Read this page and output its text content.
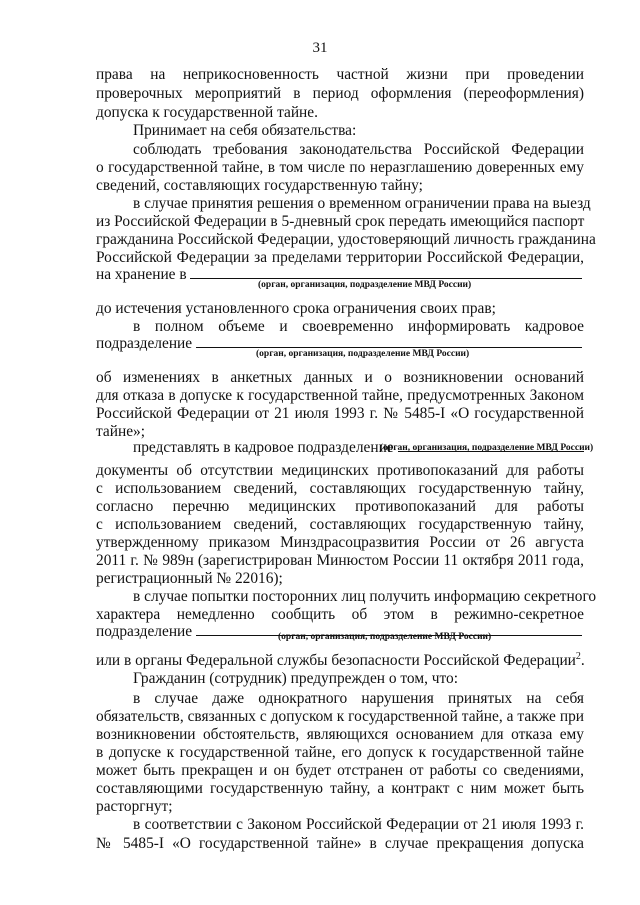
31
права на неприкосновенность частной жизни при проведении
проверочных мероприятий в период оформления (переоформления)
допуска к государственной тайне.
Принимает на себя обязательства:
соблюдать требования законодательства Российской Федерации
о государственной тайне, в том числе по неразглашению доверенных ему
сведений, составляющих государственную тайну;
в случае принятия решения о временном ограничении права на выезд
из Российской Федерации в 5-дневный срок передать имеющийся паспорт
гражданина Российской Федерации, удостоверяющий личность гражданина
Российской Федерации за пределами территории Российской Федерации,
на хранение в
(орган, организация, подразделение МВД России)
до истечения установленного срока ограничения своих прав;
в полном объеме и своевременно информировать кадровое
подразделение
(орган, организация, подразделение МВД России)
об изменениях в анкетных данных и о возникновении оснований
для отказа в допуске к государственной тайне, предусмотренных Законом
Российской Федерации от 21 июля 1993 г. № 5485-I «О государственной
тайне»;
представлять в кадровое подразделение
(орган, организация, подразделение МВД России)
документы об отсутствии медицинских противопоказаний для работы
с использованием сведений, составляющих государственную тайну,
согласно перечню медицинских противопоказаний для работы
с использованием сведений, составляющих государственную тайну,
утвержденному приказом Минздрасоцразвития России от 26 августа
2011 г. № 989н (зарегистрирован Минюстом России 11 октября 2011 года,
регистрационный № 22016);
в случае попытки посторонних лиц получить информацию секретного
характера немедленно сообщить об этом в режимно-секретное
подразделение	(орган, организация, подразделение МВД России)
или в органы Федеральной службы безопасности Российской Федерации$^2$.
Гражданин (сотрудник) предупрежден о том, что:
в случае даже однократного нарушения принятых на себя
обязательств, связанных с допуском к государственной тайне, а также при
возникновении обстоятельств, являющихся основанием для отказа ему
в допуске к государственной тайне, его допуск к государственной тайне
может быть прекращен и он будет отстранен от работы со сведениями,
составляющими государственную тайну, а контракт с ним может быть
расторгнут;
в соответствии с Законом Российской Федерации от 21 июля 1993 г.
№ 5485-I «О государственной тайне» в случае прекращения допуска
